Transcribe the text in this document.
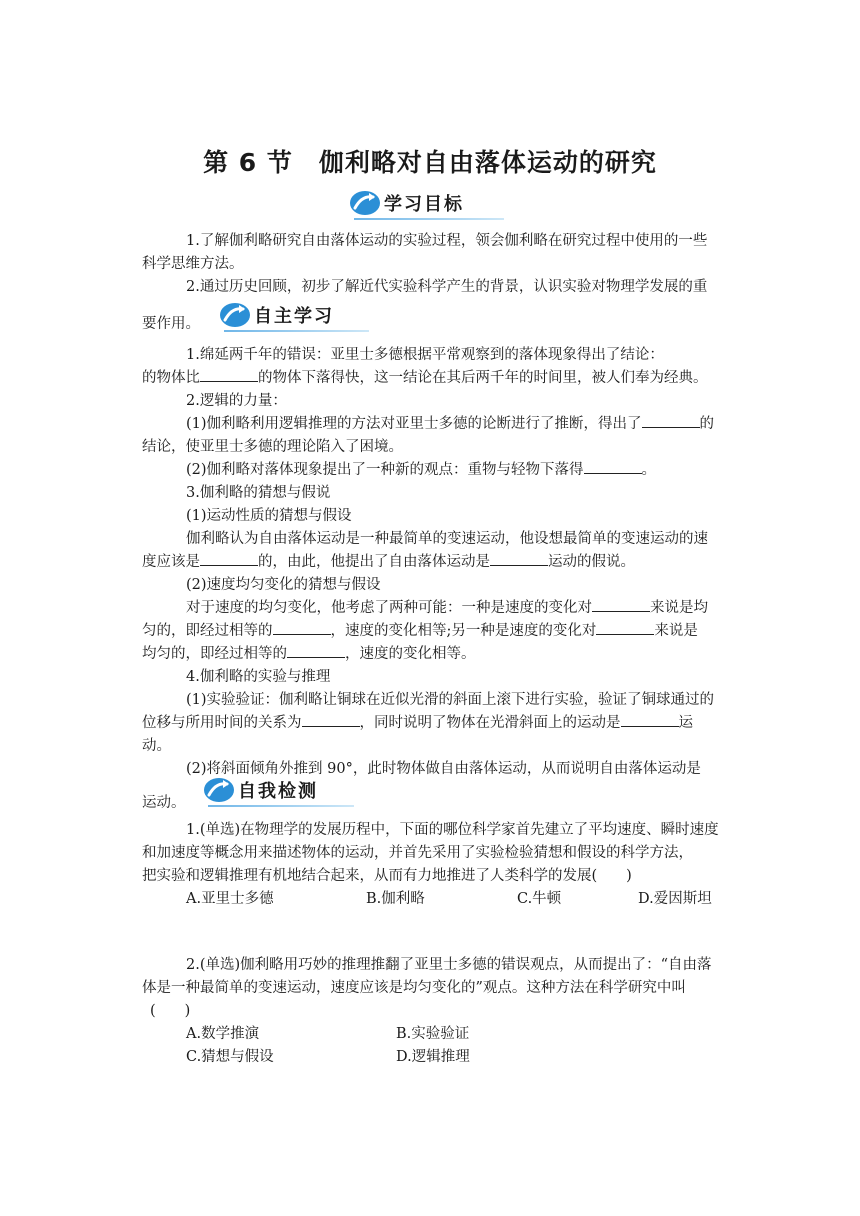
第 6 节　伽利略对自由落体运动的研究
学习目标
1.了解伽利略研究自由落体运动的实验过程，领会伽利略在研究过程中使用的一些
科学思维方法。
2.通过历史回顾，初步了解近代实验科学产生的背景，认识实验对物理学发展的重
要作用。	自主学习
1.绵延两千年的错误：亚里士多德根据平常观察到的落体现象得出了结论：
的物体比	的物体下落得快，这一结论在其后两千年的时间里，被人们奉为经典。
2.逻辑的力量：
(1)伽利略利用逻辑推理的方法对亚里士多德的论断进行了推断，得出了	的
结论，使亚里士多德的理论陷入了困境。
(2)伽利略对落体现象提出了一种新的观点：重物与轻物下落得	。
3.伽利略的猜想与假说
(1)运动性质的猜想与假设
伽利略认为自由落体运动是一种最简单的变速运动，他设想最简单的变速运动的速
度应该是	的，由此，他提出了自由落体运动是	运动的假说。
(2)速度均匀变化的猜想与假设
对于速度的均匀变化，他考虑了两种可能：一种是速度的变化对	来说是均
匀的，即经过相等的	，速度的变化相等;另一种是速度的变化对	来说是
均匀的，即经过相等的	，速度的变化相等。
4.伽利略的实验与推理
(1)实验验证：伽利略让铜球在近似光滑的斜面上滚下进行实验，验证了铜球通过的
位移与所用时间的关系为	，同时说明了物体在光滑斜面上的运动是	运
动。
(2)将斜面倾角外推到 90°，此时物体做自由落体运动，从而说明自由落体运动是
运动。
自我检测
1.(单选)在物理学的发展历程中，下面的哪位科学家首先建立了平均速度、瞬时速度
和加速度等概念用来描述物体的运动，并首先采用了实验检验猜想和假设的科学方法，
把实验和逻辑推理有机地结合起来，从而有力地推进了人类科学的发展(　　)
A.亚里士多德	B.伽利略	C.牛顿	D.爱因斯坦
2.(单选)伽利略用巧妙的推理推翻了亚里士多德的错误观点，从而提出了：“自由落
体是一种最简单的变速运动，速度应该是均匀变化的”观点。这种方法在科学研究中叫
(　　)
A.数学推演	B.实验验证
C.猜想与假设	D.逻辑推理
